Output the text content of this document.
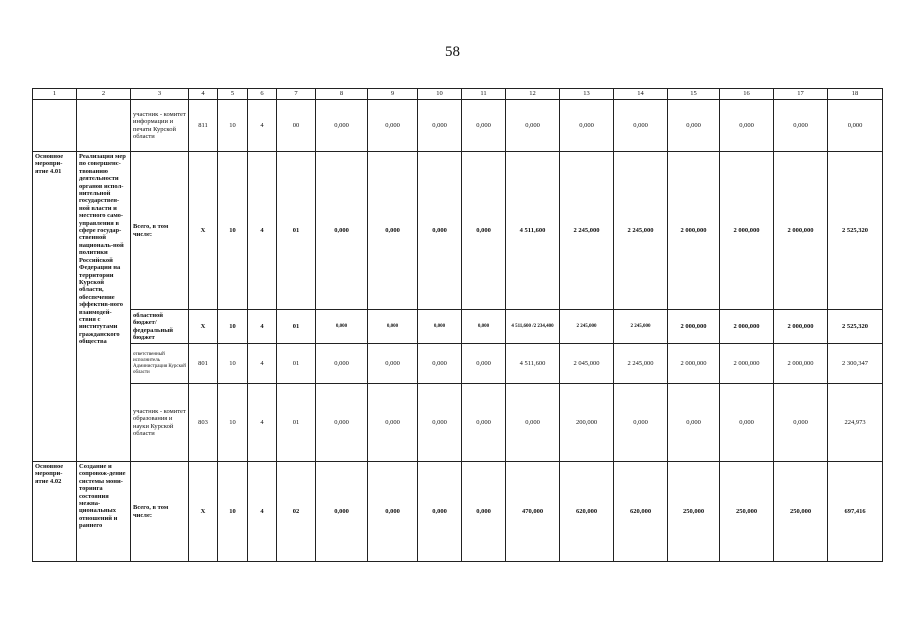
58
1	2	3	4	5	6	7	8	9	10	11	12	13	14	15	16	17	18
		участник - комитет информации и печати Курской области	811	10	4	00	0,000	0,000	0,000	0,000	0,000	0,000	0,000	0,000	0,000	0,000	0,000
Основное меропри-ятие 4.01	Реализация мер по совершенс-твованию деятельности органов испол-нительной государствен-ной власти и местного само-управления в сфере государ-ственной националь-ной политики Российской Федерации на территории Курской области, обеспечение эффектив-ного взаимодей-ствия с институтами гражданского общества	Всего, в том числе:	Х	10	4	01	0,000	0,000	0,000	0,000	4 511,600	2 245,000	2 245,000	2 000,000	2 000,000	2 000,000	2 525,320
		областной бюджет/ федеральный бюджет	Х	10	4	01	0,000	0,000	0,000	0,000	4 511,600 /2 234,400	2 245,000	2 245,000	2 000,000	2 000,000	2 000,000	2 525,320
		ответственный исполнитель Администрация Курской области	801	10	4	01	0,000	0,000	0,000	0,000	4 511,600	2 045,000	2 245,000	2 000,000	2 000,000	2 000,000	2 300,347
		участник - комитет образования и науки Курской области	803	10	4	01	0,000	0,000	0,000	0,000	0,000	200,000	0,000	0,000	0,000	0,000	224,973
Основное меропри-ятие 4.02	Создание и сопровож-дение системы мони-торинга состояния межна-циональных отношений и раннего	Всего, в том числе:	Х	10	4	02	0,000	0,000	0,000	0,000	470,000	620,000	620,000	250,000	250,000	250,000	697,416
